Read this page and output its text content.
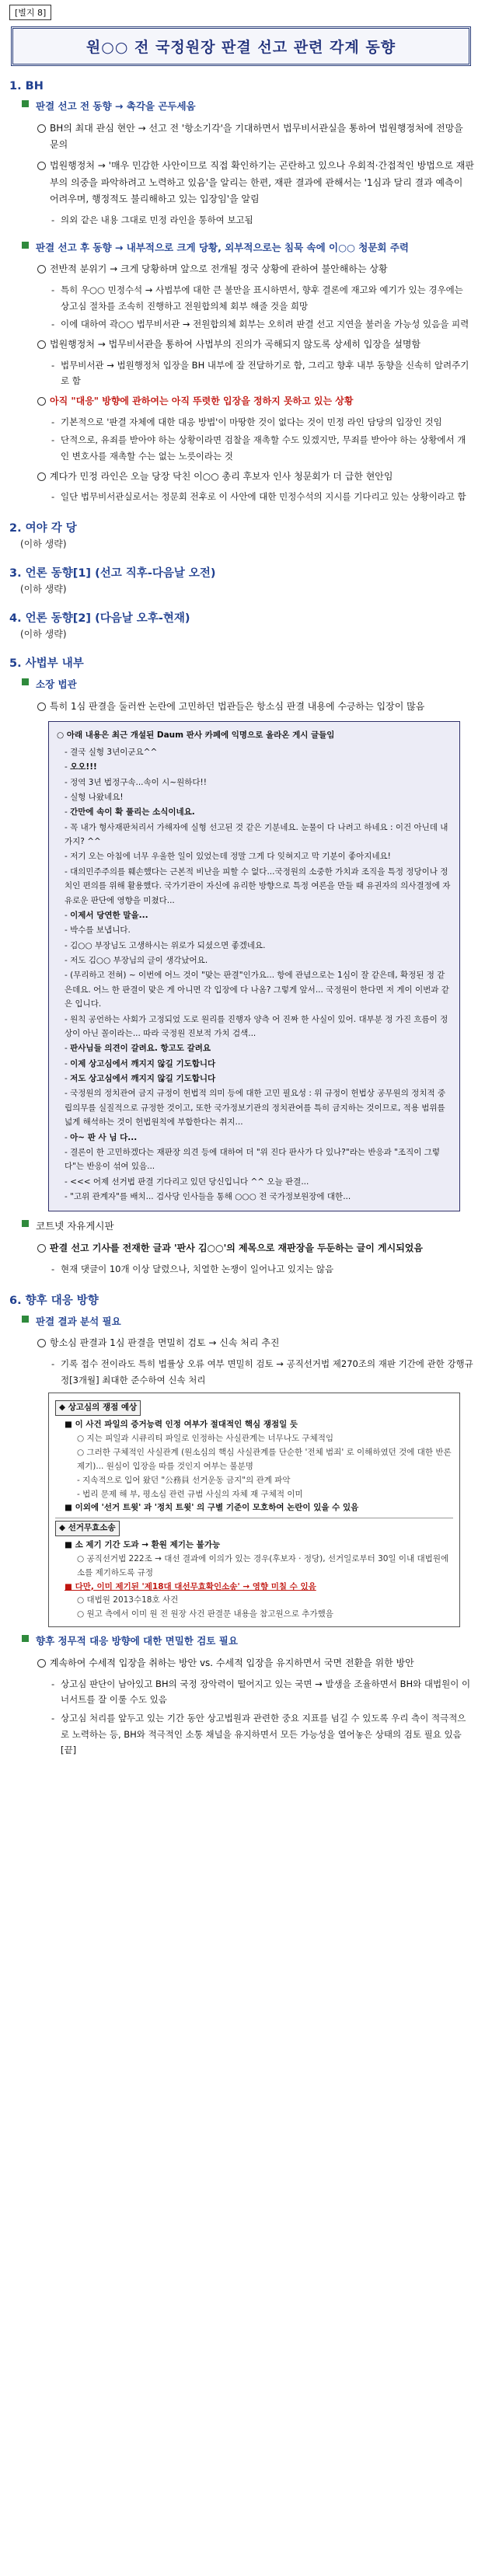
[별지 8]
원○○ 전 국정원장 판결 선고 관련 각계 동향
1. BH
판결 선고 전 동향 → 촉각을 곤두세움
BH의 최대 관심 현안 → 선고 전 '항소기각'을 기대하면서 법무비서관실을 통하여 법원행정처에 전망을 문의
법원행정처 → '매우 민감한 사안이므로 직접 확인하기는 곤란하고 있으나 우회적·간접적인 방법으로 재판부의 의중을 파악하려고 노력하고 있음'을 알리는 한편, 재판 결과에 관해서는 '1심과 달리 결과 예측이 어려우며, 행정적도 불리해하고 있는 입장임'을 알림
- 의외 같은 내용 그대로 민정 라인을 통하여 보고됨
판결 선고 후 동향 → 내부적으로 크게 당황, 외부적으로는 침묵 속에 이○○ 청문회 주력
전반적 분위기 → 크게 당황하며 앞으로 전개될 정국 상황에 관하여 불안해하는 상황
- 특히 우○○ 민정수석 → 사법부에 대한 큰 불만을 표시하면서, 향후 결론에 재고와 예기가 있는 경우에는 상고심 절차를 조속히 진행하고 전원합의체 회부 해줄 것을 희망
- 이에 대하여 곽○○ 법무비서관 → 전원합의체 회부는 오히려 판결 선고 지연을 불러올 가능성 있음을 피력
법원행정처 → 법무비서관을 통하여 사법부의 진의가 곡해되지 않도록 상세히 입장을 설명함
- 법무비서관 → 법원행정처 입장을 BH 내부에 잘 전달하기로 함, 그리고 향후 내부 동향을 신속히 알려주기로 함
아직 "대응" 방향에 관하여는 아직 뚜렷한 입장을 정하지 못하고 있는 상황
- 기본적으로 '판결 자체에 대한 대응 방법'이 마땅한 것이 없다는 것이 민정 라인 담당의 입장인 것임
- 단적으로, 유죄를 받아야 하는 상황이라면 검찰을 재촉할 수도 있겠지만, 무죄를 받아야 하는 상황에서 개인 변호사를 재촉할 수는 없는 노릇이라는 것
계다가 민정 라인은 오늘 당장 닥친 이○○ 총리 후보자 인사 청문회가 더 급한 현안임
- 일단 법무비서관실로서는 정문회 전후로 이 사안에 대한 민정수석의 지시를 기다리고 있는 상황이라고 함
2. 여야 각 당
(이하 생략)
3. 언론 동향[1] (선고 직후-다음날 오전)
(이하 생략)
4. 언론 동향[2] (다음날 오후-현재)
(이하 생략)
5. 사법부 내부
소장 법관
특히 1심 판결을 둘러싼 논란에 고민하던 법관들은 항소심 판결 내용에 수긍하는 입장이 많음
○ 아래 내용은 최근 개설된 Daum 판사 카페에 익명으로 올라온 게시 글들임
- 결국 실형 3년이군요^^
- 오오!!!
- 정역 3년 법정구속...속이 시~원하다!!
- 실형 나왔네요!
- 간만에 속이 확 풀리는 소식이네요.
- 꼭 내가 형사재판처리서 가해자에 실형 선고된 것 같은 기분네요. 눈물이 다 나려고 하네요 : 이건 아닌데 내가지? ^^
- 저기 오는 아침에 너무 우울한 일이 있었는데 정말 그게 다 잊혀지고 막 기분이 좋아지네요!
- 대의민주주의를 훼손했다는 근본적 비난을 피할 수 없다...국정원의 소중한 가치과 조직을 특정 정당이나 정치인 편의를 위해 활용했다. 국가기관이 자신에 유리한 방향으로 특정 여론을 만들 때 유권자의 의사결정에 자유로운 판단에 영향을 미쳤다...
- 이제서 당연한 말을...
- 박수를 보냅니다.
- 김○○ 부장님도 고생하시는 위로가 되셨으면 좋겠네요.
- 저도 김○○ 부장님의 글이 생각났어요.
- (무리하고 전혀) ~ 이번에 어느 것이 "맞는 판결"인가요... 항에 관념으로는 1심이 잘 같은데, 확정된 정 같은데요. 어느 한 판결이 맞은 게 아니면 각 입장에 다 나옴? 그렇게 앞서... 국정원이 한다면 저 게이 이번과 같은 입니다.
- 원칙 공언하는 사회가 고정되었 도로 원리를 진행자 양측 어 진짜 한 사실이 있어. 대부분 정 가진 흐름이 정상이 아닌 꼴이라는... 따라 국정원 진보적 가치 검색...
- 판사님들 의견이 갈려요. 항고도 갈려요
- 이제 상고심에서 깨지지 않길 기도합니다
- 저도 상고심에서 깨지지 않길 기도합니다
- 국정원의 정치관여 금지 규정이 헌법적 의미 등에 대한 고민 필요성 : 위 규정이 헌법상 공무원의 정치적 중립의무를 실질적으로 규정한 것이고, 또한 국가정보기관의 정치관여를 특히 금지하는 것이므로, 적용 범위를 넓게 해석하는 것이 헌법원칙에 부합한다는 취지...
- 아~ 판 사 님 다...
- 결론이 한 고민하겠다는 재판장 의견 등에 대하여 더 "위 진다 판사가 다 있나?"라는 반응과 "조직이 그렇다"는 반응이 섞여 있음...
- <<< 어제 선거법 판결 기다리고 있던 당신입니다 ^^ 오늘 판결...
- "고위 관계자"를 배치... 검사당 인사들을 통해 ○○○ 전 국가정보원장에 대한...
코트넷 자유게시판
판결 선고 기사를 전재한 글과 '판사 김○○'의 제목으로 재판장을 두둔하는 글이 게시되었음
- 현재 댓글이 10개 이상 달렸으나, 치열한 논쟁이 일어나고 있지는 않음
6. 향후 대응 방향
판결 결과 분석 필요
항소심 판결과 1심 판결을 면밀히 검토 → 신속 처리 추진
- 기록 접수 전이라도 특히 법률상 오류 여부 면밀히 검토 → 공직선거법 제270조의 재판 기간에 관한 강행규정[3개월] 최대한 준수하여 신속 처리
◆ 상고심의 쟁점 예상
■ 이 사건 파일의 증거능력 인정 여부가 절대적인 핵심 쟁점일 듯
○ 지는 피일과 시큐리티 파일로 인정하는 사실관계는 너무나도 구체적임
○ 그러한 구체적인 사실관계 (원소심의 핵심 사실관계를 단순한 '전체 범죄' 로 이해하였던 것에 대한 반론 제기)... 원심이 입장을 따를 것인지 여부는 불분명
- 지속적으로 입어 왔던 "公務員 선거운동 금지"의 관계 파악
- 법리 문제 해 부, 평소심 관련 규범 사실의 자체 재 구체적 이미
■ 이외에 '선거 트윗' 과 '정치 트윗' 의 구별 기준이 모호하여 논란이 있을 수 있음
◆ 선거무효소송
■ 소 제기 기간 도과 → 환원 제기는 불가능
○ 공직선거법 222조 → 대선 결과에 이의가 있는 경우(후보자 · 정당), 선거일로부터 30일 이내 대법원에 소를 제기하도록 규정
■ 다만, 이미 제기된 '제18대 대선무효확인소송' → 영향 미칠 수 있음
○ 대법원 2013수18호 사건
○ 원고 측에서 이미 원 전 원장 사건 판결문 내용을 참고원으로 추가했음
향후 정무적 대응 방향에 대한 면밀한 검토 필요
계속하여 수세적 입장을 취하는 방안 vs. 수세적 입장을 유지하면서 국면 전환을 위한 방안
- 상고심 판단이 남아있고 BH의 국정 장악력이 떨어지고 있는 국면 → 발생을 조율하면서 BH와 대법원이 이너서트를 잘 이룰 수도 있음
- 상고심 처리를 앞두고 있는 기간 동안 상고법원과 관련한 중요 지표를 넘길 수 있도록 우리 측이 적극적으로 노력하는 등, BH와 적극적인 소통 채널을 유지하면서 모든 가능성을 열어놓은 상태의 검토 필요 있음 [끝]
